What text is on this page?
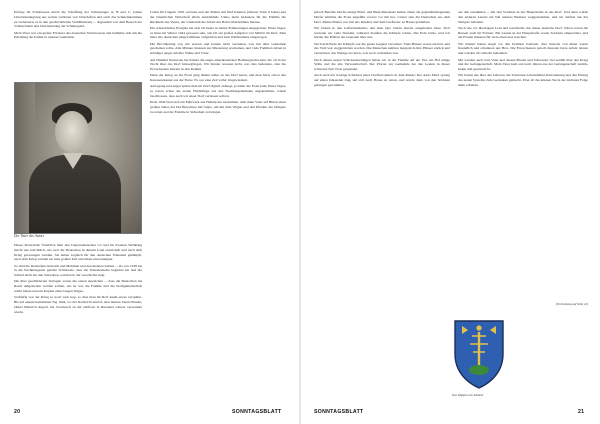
Erfolge im Schulwesen durch die Schaffung der Schulgruppe A, B und C, (einen Unterstutzungszug aus weiten Gebieten von Ortschaften und auch das Schuleinkommen zu verbessern, es in den geschichtlichen Verhältnissen) ... abgesehen von dem Besuch der Volksschulen und Unterstutzung der Schuljugend.

Mein Vater war ein großer Förderer des deutschen Schulwesens und bemühte sich um die Erhaltung der Kultur in unserer Gemeinde.

Der Vater des Autors

Dieser historische Überblick über den Ungarndeutschen vor und im Zweiten Weltkrieg macht uns ersichtlich, wie sich die Deutschen in diesem Land entwickelt und nach dem Krieg gezwungen wurden. Sie haben sogleich für den deutschen Volkstum gekämpft, nach dem Krieg wurden sie zum großen Teil vertrieben und enteignet.

So sind die Deutschen dann mit und Mehrheit und den meisten Zahlen ... als von 1938 bis in die Nachkriegszeit gelebte Schicksale, dass die Volksdeutsche begleitet hat und die Schuld nicht bei den Schwaben, sondern in der Geschichte liegt.

Die über geschilderten Vorlagen waren die ersten Anzeichen ... dass die Deutschen ins Reich umgesiedelt werden sollten, das ist was die Familie und die Dorfgemeinschaft erlebt haben und ein Kapitel eines langen Weges.

Vorläufig war der Krieg so noch weit weg, so dass man im Dorf kaum etwas verspürte. Bis auf einem bestimmten Tag 1944, wo der Nachricht eintraf, dass meines Vaters Bruder, Onkel Heinrich Angeli, bei Voronesch an der Ostfront in Russland schwer verwundet wurde.

Leben für Ungarn 1916 verloren und der Mutter mit fünf Kindern (ältester Sohn 9 Jahre) und der bäuerlichen Wirtschaft allein zurückblieb. Umso mehr bedeutete für die Familie die Rückkehr des Vaters, der wiederum die Arbeit des Hofes übernehmen musste.

Ein schreckliches Ereignis hat sich bis heute in meine Erinnerungen eingegraben. Eines Tages, es muss im Winter 1944 gewesen sein, sah ich ein großes Aufgebot von Militär im Dorf. Man hatte alle deutschen jungen Männer aufgerufen und zum Waffendienst eingezogen.

Die Bevölkerung war wie erstarrt und konnte nicht verstehen, was mit ihrer Gemeinde geschehen sollte. Alle Männer mussten zur Musterung erscheinen, und viele Familien lebten in ständiger Angst um ihre Söhne und Väter.

Am Himmel flackerten bei Kinder die anglo-amerikanischen Bombergeschwader, die oft in der Nacht über das Dorf hinwegflogen. Wir Kinder wussten nicht, was dies bedeutete, aber die Erwachsenen beteten in den Kellern.

Dann der Krieg an der Front ging immer näher an das Dorf heran, und man hörte schon den Kanonendonner aus der Ferne. Es war eine Zeit voller Ungewissheit.

Aufregung und Angst spürte man im Dorf täglich anfangs, je näher die Front kam. Eines Tages, es waren schon die ersten Flüchtlinge aus den Nachbargemeinden angekommen, wurde beschlossen, dass auch wir unser Dorf verlassen sollten.

Ende 1944 fand sich ein Fuhrwerk aus Heilsbronn zusammen, dem mein Vater auf Bitten eines großen Teiles der Dorfbewohner hin folgte, um mit dem Wagen und den Pferden das Nötigste zu retten und die Familie in Sicherheit zu bringen.

20	SONNTAGSBLATT

jedoch Beachte Dorfes einige Brief- und Besuchskontakt halten. Dann die gegenüberliegenden Dörfer stimmte die Front ungefähr vorerst vor mit her, vorerst sein die Deutschen aus dem Dorf. Meine Mutter war mit uns Kindern und dem Großvater zu Hause geblieben.

Wir flohen in den Luftschutzkeller, den man Opa Stefan bereits ausgehoben hatte. Dort warteten wir viele Stunden, während draußen die Kämpfe tobten. Die Erde bebte, und wir hörten das Pfeifen der Granaten über uns.

Nach dem Ende der Kämpfe war die ganze Gegend verwüstet. Viele Häuser waren zerstört, und das Vieh war weggetrieben worden. Die Menschen kehrten langsam in ihre Häuser zurück und versuchten, das Wenige zu retten, was noch vorhanden war.

Nach diesen neuen Schicksalsschlägen haben wir in der Familie auf ein Tier, im Hof einige Ställe und die alte Verwandtschaft. Der Pfarrer der Gemeinde hat den Leuten in dieser schweren Zeit Trost gespendet.

Auch nach der traurige Schicksal eines Dorfbewohners in dem Runde: Der Alois Marx sprang auf einen fahrenden Zug, um sich nach Hause zu retten, und wurde dann von den Soldaten gefangen genommen.

aus alle zusammen ... mit den Soldaten in der Hauptstraße in das Dorf. Und dann wurde den anderen Leuten ein Teil unseres Besitzes weggenommen, und wir durften nur das Nötigste behalten.

Nach wie vor überlagern Leid und Geschichte das dieser deutsche Dorf. Schon waren die Russen auch im Februar. Bei Leuten in der Hauptstraße waren Soldaten einquartiert, und die Frauen mussten für sie kochen und waschen.

Wir Kinder hatten Angst vor den fremden Soldaten, aber manche von ihnen waren freundlich und schenkten uns Brot. Die Erwachsenen jedoch mussten harte Arbeit leisten und wurden oft schlecht behandelt.

Mir wurden auch vom Vater und dessen Bruder und Schwester viel erzählt über den Krieg und die Gefangenschaft. Mein Vater kam erst nach Jahren aus der Gefangenschaft zurück, krank und geschwächt.

Wir hatten uns über das Leben in der Schweine-Lebensmittel-Rationierung und den Einzug des neuen Systems viele Gedanken gemacht. Über all das können Sie in der nächsten Folge mehr erfahren.

SONNTAGSBLATT	21
(Fortsetzung auf Seite 22)
Das Wappen von Isztimér
